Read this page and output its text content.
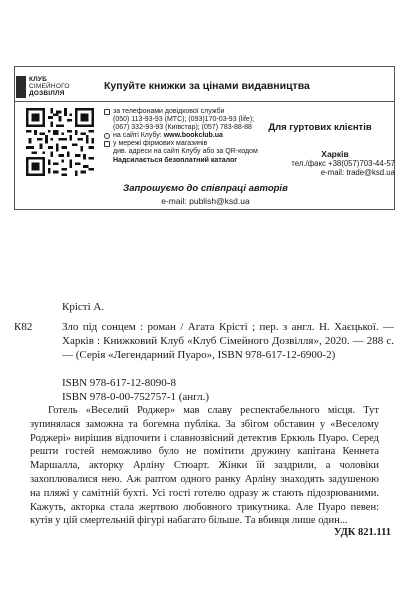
КЛУБ
СІМЕЙНОГО
ДОЗВІЛЛЯ
Купуйте книжки за цінами видавництва
за телефонами довідкової служби
(050) 113-93-93 (МТС); (093)170-03-93 (life);
(067) 332-93-93 (Київстар); (057) 783-88-88
на сайті Клубу: www.bookclub.ua
у мережі фірмових магазинів
див. адреси на сайті Клубу або за QR-кодом
Надсилається безоплатний каталог
Для гуртових клієнтів
Харків
тел./факс +38(057)703-44-57
e-mail: trade@ksd.ua
Запрошуємо до співпраці авторів
e-mail: publish@ksd.ua
Крісті А.
К82	Зло під сонцем : роман / Агата Крісті ; пер. з англ. Н. Хаєцької. — Харків : Книжковий Клуб «Клуб Сімейного Дозвілля», 2020. — 288 с. — (Серія «Легендарний Пуаро», ISBN 978-617-12-6900-2)
ISBN 978-617-12-8090-8
ISBN 978-0-00-752757-1 (англ.)
Готель «Веселий Роджер» мав славу респектабельного місця. Тут зупинялася заможна та богемна публіка. За збігом обставин у «Веселому Роджері» вирішив відпочити і славнозвісний детектив Еркюль Пуаро. Серед решти гостей неможливо було не помітити дружину капітана Кеннета Маршалла, акторку Арліну Стюарт. Жінки їй заздрили, а чоловіки захоплювалися нею. Аж раптом одного ранку Арліну знаходять задушеною на пляжі у самітній бухті. Усі гості готелю одразу ж стають підозрюваними. Кажуть, акторка стала жертвою любовного трикутника. Але Пуаро певен: кутів у цій смертельній фігурі набагато більше. Та вбивця лише один...
УДК 821.111
